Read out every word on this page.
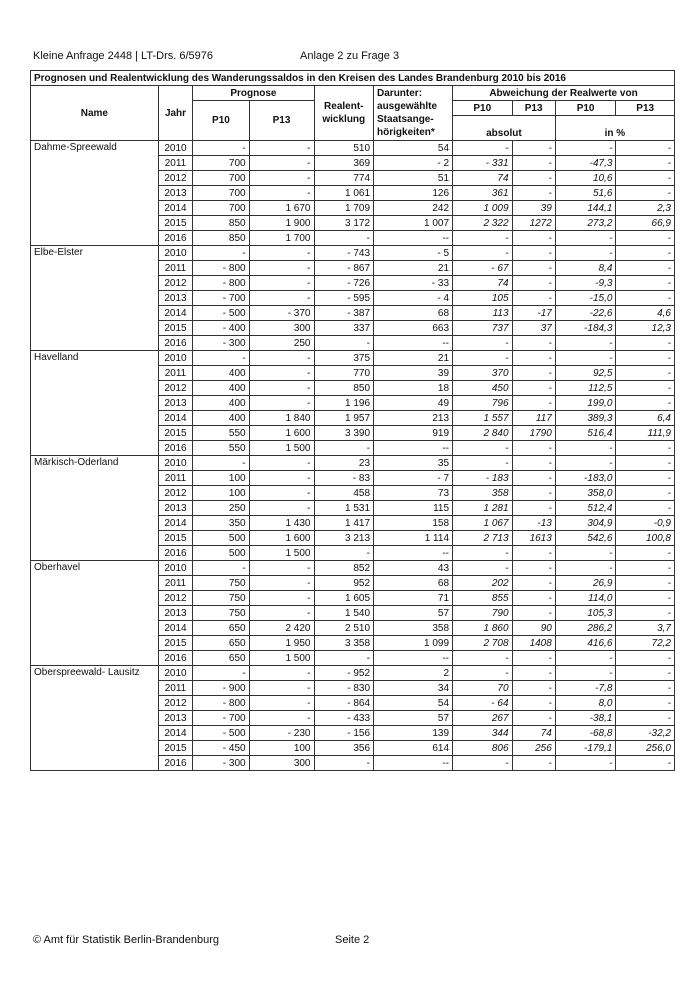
Kleine Anfrage 2448 | LT-Drs. 6/5976	Anlage 2 zu Frage 3
Prognosen und Realentwicklung des Wanderungssaldos in den Kreisen des Landes Brandenburg 2010 bis 2016									
Name	Jahr	Prognose		Realent-
wicklung	Darunter:
ausgewählte
Staatsange-
hörigkeiten*	Abweichung der Realwerte von			
		P10	P13			P10	P13	P10	P13
						absolut		in %	
Dahme-Spreewald	2010	-	-	510	54	-	-	-	-
	2011	700	-	369	- 2	- 331	-	-47,3	-
	2012	700	-	774	51	74	-	10,6	-
	2013	700	-	1 061	126	361	-	51,6	-
	2014	700	1 670	1 709	242	1 009	39	144,1	2,3
	2015	850	1 900	3 172	1 007	2 322	1272	273,2	66,9
	2016	850	1 700	-	--	-	-	-	-
Elbe-Elster	2010	-	-	- 743	- 5	-	-	-	-
	2011	- 800	-	- 867	21	- 67	-	8,4	-
	2012	- 800	-	- 726	- 33	74	-	-9,3	-
	2013	- 700	-	- 595	- 4	105	-	-15,0	-
	2014	- 500	- 370	- 387	68	113	-17	-22,6	4,6
	2015	- 400	300	337	663	737	37	-184,3	12,3
	2016	- 300	250	-	--	-	-	-	-
Havelland	2010	-	-	375	21	-	-	-	-
	2011	400	-	770	39	370	-	92,5	-
	2012	400	-	850	18	450	-	112,5	-
	2013	400	-	1 196	49	796	-	199,0	-
	2014	400	1 840	1 957	213	1 557	117	389,3	6,4
	2015	550	1 600	3 390	919	2 840	1790	516,4	111,9
	2016	550	1 500	-	--	-	-	-	-
Märkisch-Oderland	2010	-	-	23	35	-	-	-	-
	2011	100	-	- 83	- 7	- 183	-	-183,0	-
	2012	100	-	458	73	358	-	358,0	-
	2013	250	-	1 531	115	1 281	-	512,4	-
	2014	350	1 430	1 417	158	1 067	-13	304,9	-0,9
	2015	500	1 600	3 213	1 114	2 713	1613	542,6	100,8
	2016	500	1 500	-	--	-	-	-	-
Oberhavel	2010	-	-	852	43	-	-	-	-
	2011	750	-	952	68	202	-	26,9	-
	2012	750	-	1 605	71	855	-	114,0	-
	2013	750	-	1 540	57	790	-	105,3	-
	2014	650	2 420	2 510	358	1 860	90	286,2	3,7
	2015	650	1 950	3 358	1 099	2 708	1408	416,6	72,2
	2016	650	1 500	-	--	-	-	-	-
Oberspreewald- Lausitz	2010	-	-	- 952	2	-	-	-	-
	2011	- 900	-	- 830	34	70	-	-7,8	-
	2012	- 800	-	- 864	54	- 64	-	8,0	-
	2013	- 700	-	- 433	57	267	-	-38,1	-
	2014	- 500	- 230	- 156	139	344	74	-68,8	-32,2
	2015	- 450	100	356	614	806	256	-179,1	256,0
	2016	- 300	300	-	--	-	-	-	-
© Amt für Statistik Berlin-Brandenburg	Seite 2
